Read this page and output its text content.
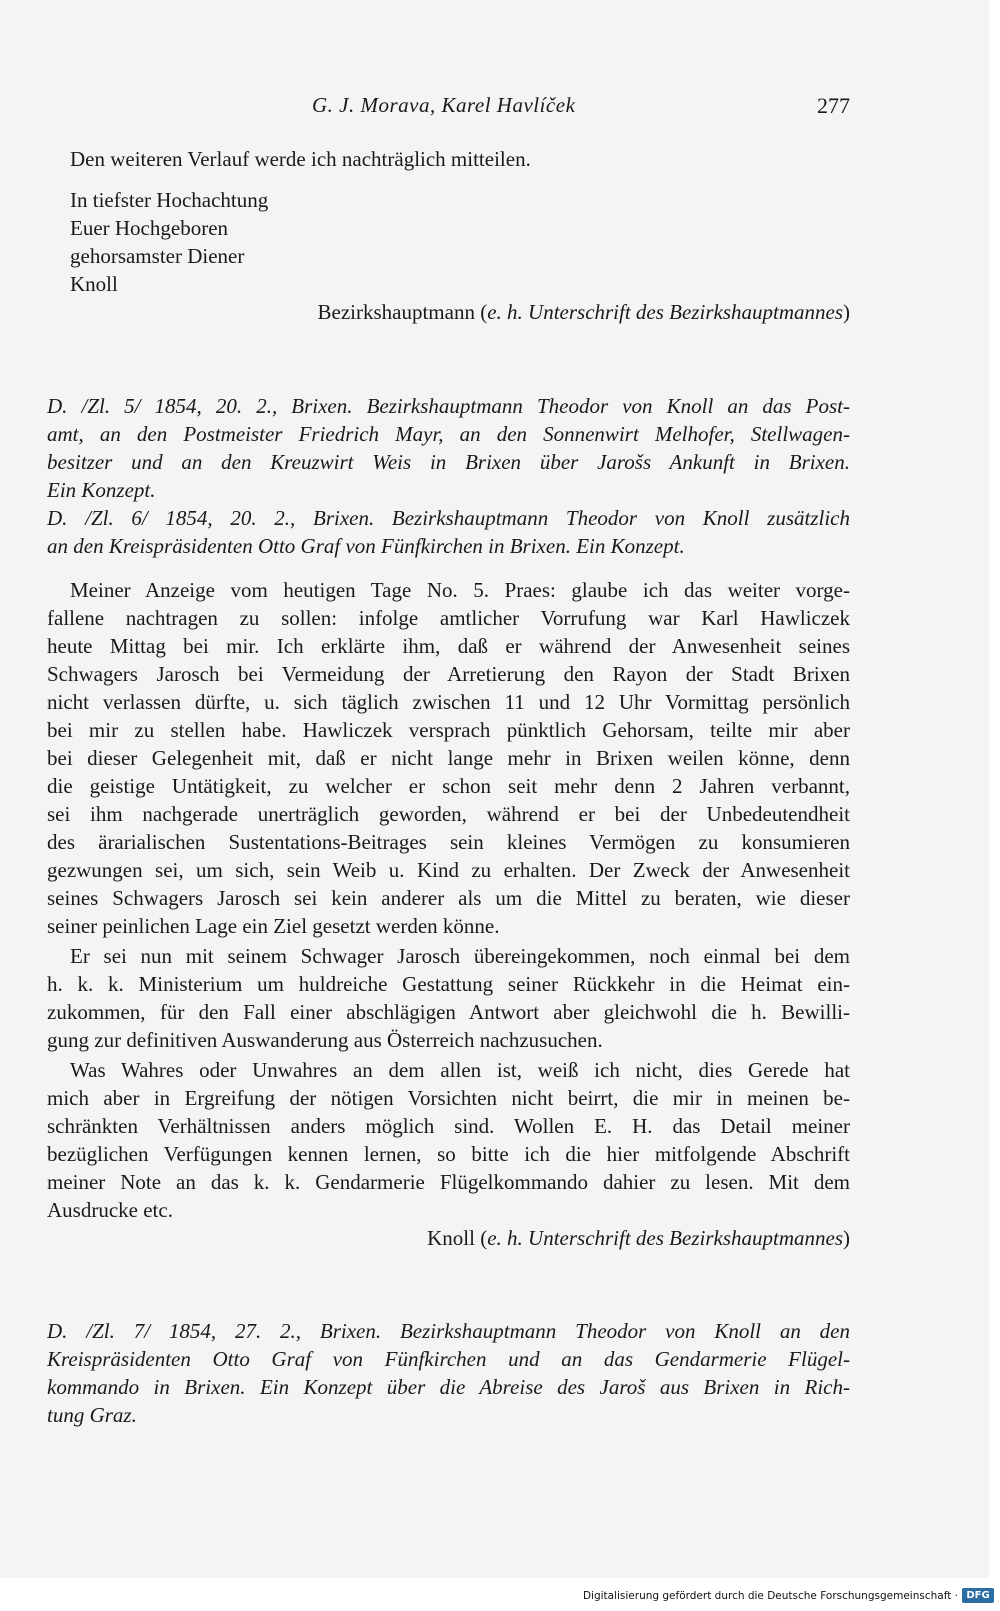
G. J. Morava, Karel Havlíček	277
Den weiteren Verlauf werde ich nachträglich mitteilen.
In tiefster Hochachtung
Euer Hochgeboren
gehorsamster Diener
Knoll
Bezirkshauptmann (e. h. Unterschrift des Bezirkshauptmannes)
D. /Zl. 5/ 1854, 20. 2., Brixen. Bezirkshauptmann Theodor von Knoll an das Post-
amt, an den Postmeister Friedrich Mayr, an den Sonnenwirt Melhofer, Stellwagen-
besitzer und an den Kreuzwirt Weis in Brixen über Jarošs Ankunft in Brixen.
Ein Konzept.
D. /Zl. 6/ 1854, 20. 2., Brixen. Bezirkshauptmann Theodor von Knoll zusätzlich
an den Kreispräsidenten Otto Graf von Fünfkirchen in Brixen. Ein Konzept.
Meiner Anzeige vom heutigen Tage No. 5. Praes: glaube ich das weiter vorge-
fallene nachtragen zu sollen: infolge amtlicher Vorrufung war Karl Hawliczek
heute Mittag bei mir. Ich erklärte ihm, daß er während der Anwesenheit seines
Schwagers Jarosch bei Vermeidung der Arretierung den Rayon der Stadt Brixen
nicht verlassen dürfte, u. sich täglich zwischen 11 und 12 Uhr Vormittag persönlich
bei mir zu stellen habe. Hawliczek versprach pünktlich Gehorsam, teilte mir aber
bei dieser Gelegenheit mit, daß er nicht lange mehr in Brixen weilen könne, denn
die geistige Untätigkeit, zu welcher er schon seit mehr denn 2 Jahren verbannt,
sei ihm nachgerade unerträglich geworden, während er bei der Unbedeutendheit
des ärarialischen Sustentations-Beitrages sein kleines Vermögen zu konsumieren
gezwungen sei, um sich, sein Weib u. Kind zu erhalten. Der Zweck der Anwesenheit
seines Schwagers Jarosch sei kein anderer als um die Mittel zu beraten, wie dieser
seiner peinlichen Lage ein Ziel gesetzt werden könne.
Er sei nun mit seinem Schwager Jarosch übereingekommen, noch einmal bei dem
h. k. k. Ministerium um huldreiche Gestattung seiner Rückkehr in die Heimat ein-
zukommen, für den Fall einer abschlägigen Antwort aber gleichwohl die h. Bewilli-
gung zur definitiven Auswanderung aus Österreich nachzusuchen.
Was Wahres oder Unwahres an dem allen ist, weiß ich nicht, dies Gerede hat
mich aber in Ergreifung der nötigen Vorsichten nicht beirrt, die mir in meinen be-
schränkten Verhältnissen anders möglich sind. Wollen E. H. das Detail meiner
bezüglichen Verfügungen kennen lernen, so bitte ich die hier mitfolgende Abschrift
meiner Note an das k. k. Gendarmerie Flügelkommando dahier zu lesen. Mit dem
Ausdrucke etc.
Knoll (e. h. Unterschrift des Bezirkshauptmannes)
D. /Zl. 7/ 1854, 27. 2., Brixen. Bezirkshauptmann Theodor von Knoll an den
Kreispräsidenten Otto Graf von Fünfkirchen und an das Gendarmerie Flügel-
kommando in Brixen. Ein Konzept über die Abreise des Jaroš aus Brixen in Rich-
tung Graz.
Digitalisierung gefördert durch die Deutsche Forschungsgemeinschaft · DFG
